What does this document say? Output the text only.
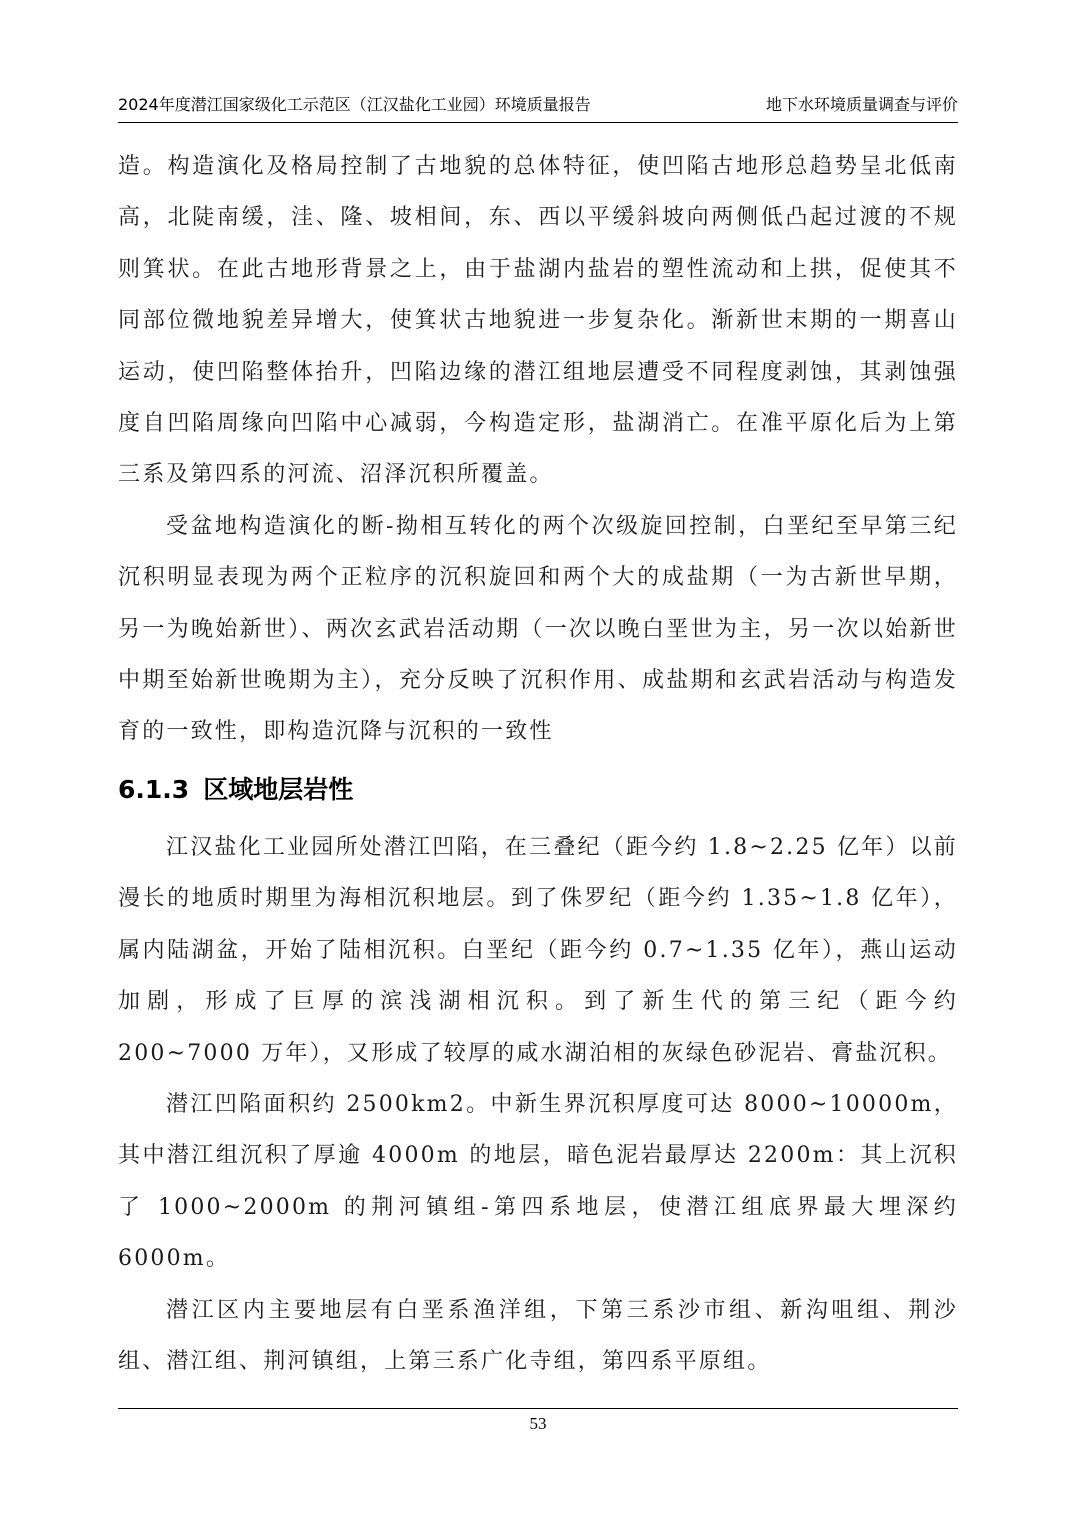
2024年度潜江国家级化工示范区（江汉盐化工业园）环境质量报告	地下水环境质量调查与评价

造。构造演化及格局控制了古地貌的总体特征，使凹陷古地形总趋势呈北低南高，北陡南缓，洼、隆、坡相间，东、西以平缓斜坡向两侧低凸起过渡的不规则箕状。在此古地形背景之上，由于盐湖内盐岩的塑性流动和上拱，促使其不同部位微地貌差异增大，使箕状古地貌进一步复杂化。渐新世末期的一期喜山运动，使凹陷整体抬升，凹陷边缘的潜江组地层遭受不同程度剥蚀，其剥蚀强度自凹陷周缘向凹陷中心减弱，今构造定形，盐湖消亡。在准平原化后为上第三系及第四系的河流、沼泽沉积所覆盖。

受盆地构造演化的断-拗相互转化的两个次级旋回控制，白垩纪至早第三纪沉积明显表现为两个正粒序的沉积旋回和两个大的成盐期（一为古新世早期，另一为晚始新世）、两次玄武岩活动期（一次以晚白垩世为主，另一次以始新世中期至始新世晚期为主），充分反映了沉积作用、成盐期和玄武岩活动与构造发育的一致性，即构造沉降与沉积的一致性

6.1.3 区域地层岩性

江汉盐化工业园所处潜江凹陷，在三叠纪（距今约 1.8~2.25 亿年）以前漫长的地质时期里为海相沉积地层。到了侏罗纪（距今约 1.35~1.8 亿年），属内陆湖盆，开始了陆相沉积。白垩纪（距今约 0.7~1.35 亿年），燕山运动加剧，形成了巨厚的滨浅湖相沉积。到了新生代的第三纪（距今约 200~7000 万年），又形成了较厚的咸水湖泊相的灰绿色砂泥岩、膏盐沉积。

潜江凹陷面积约 2500km2。中新生界沉积厚度可达 8000~10000m，其中潜江组沉积了厚逾 4000m 的地层，暗色泥岩最厚达 2200m：其上沉积了 1000~2000m 的荆河镇组-第四系地层，使潜江组底界最大埋深约 6000m。

潜江区内主要地层有白垩系渔洋组，下第三系沙市组、新沟咀组、荆沙组、潜江组、荆河镇组，上第三系广化寺组，第四系平原组。

53
